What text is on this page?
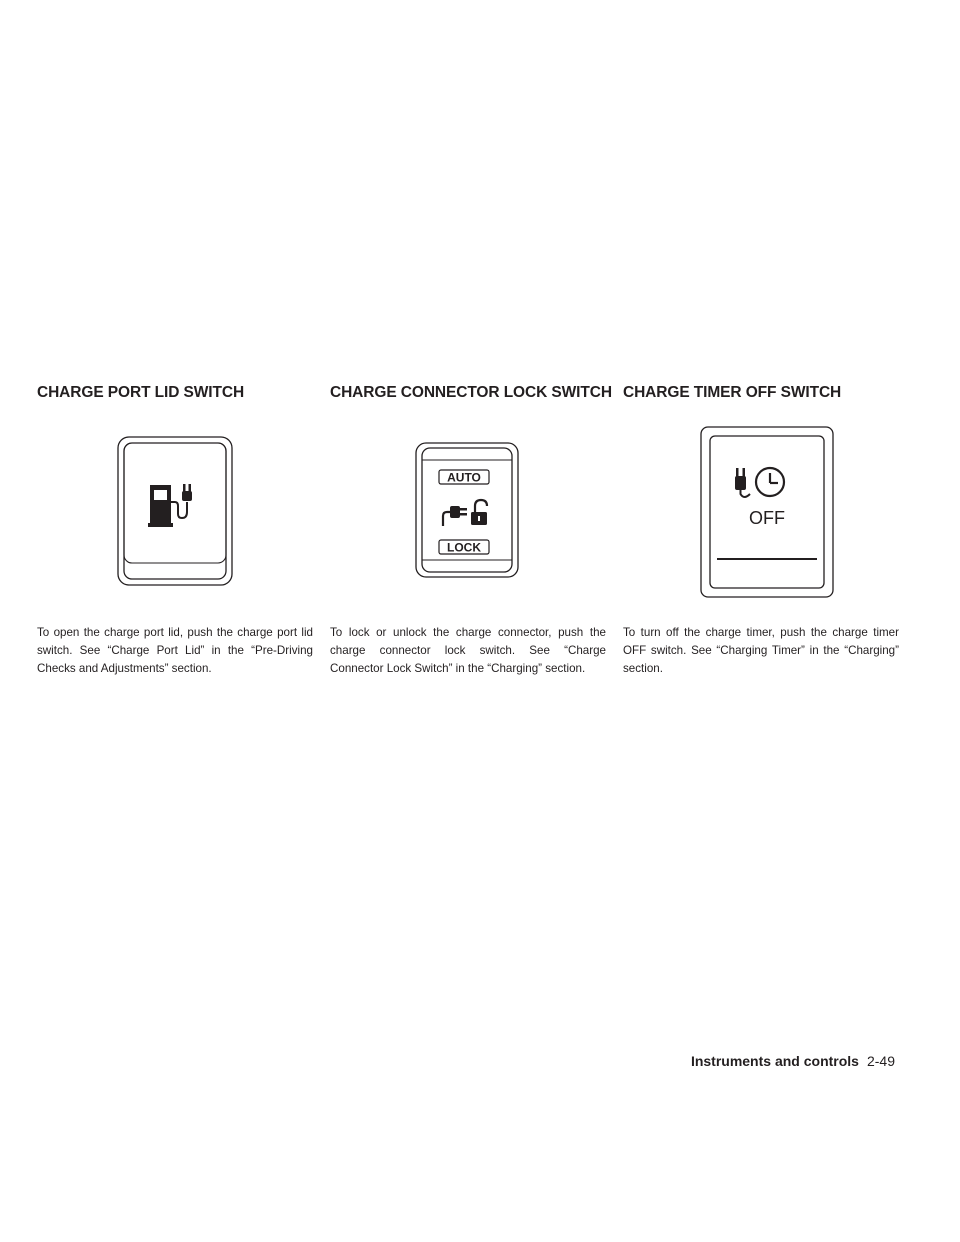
CHARGE PORT LID SWITCH

To open the charge port lid, push the charge port lid switch. See “Charge Port Lid” in the “Pre-Driving Checks and Adjustments” section.

CHARGE CONNECTOR LOCK SWITCH
AUTO
LOCK

To lock or unlock the charge connector, push the charge connector lock switch. See “Charge Connector Lock Switch” in the “Charging” section.

CHARGE TIMER OFF SWITCH
OFF

To turn off the charge timer, push the charge timer OFF switch. See “Charging Timer” in the “Charging” section.

Instruments and controls 2-49
